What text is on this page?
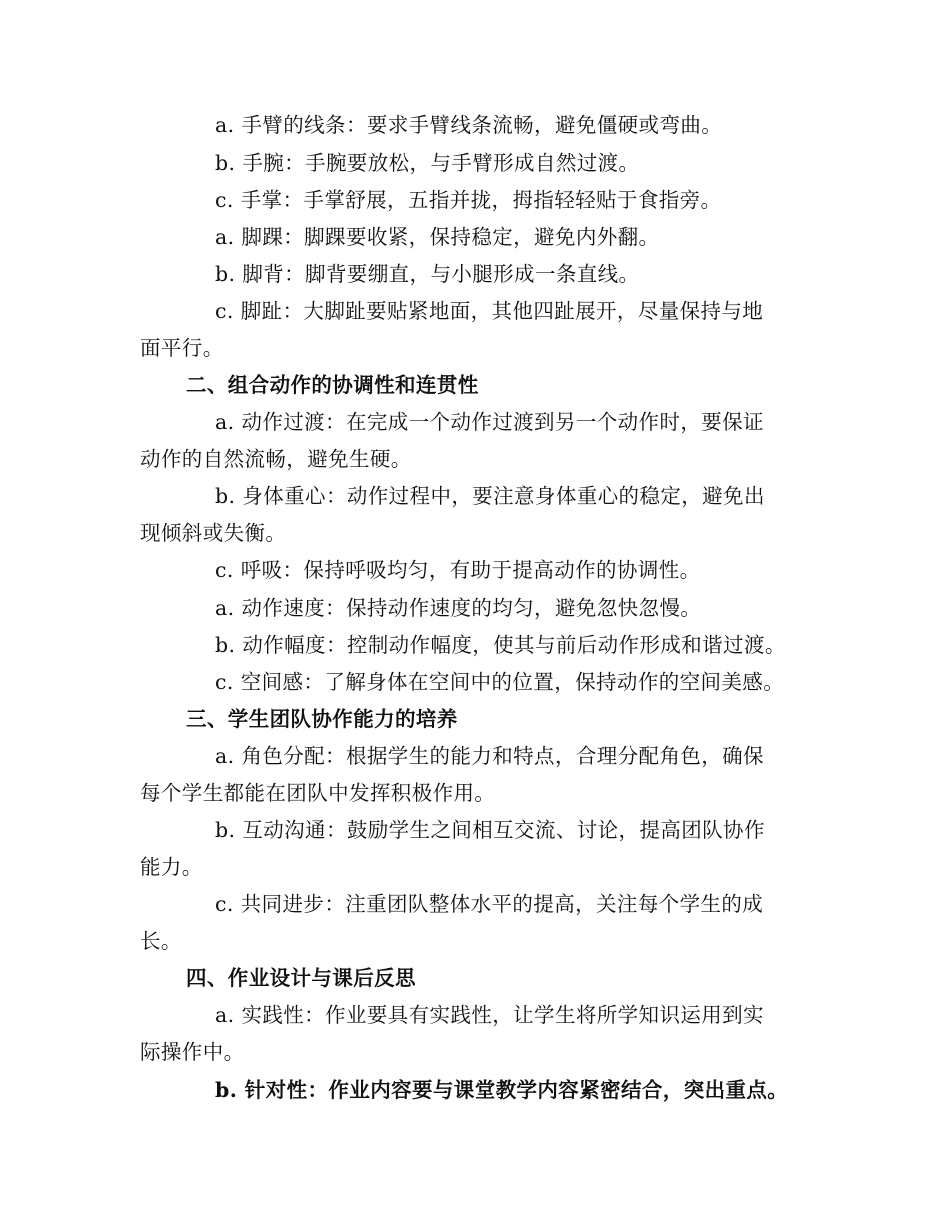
a. 手臂的线条：要求手臂线条流畅，避免僵硬或弯曲。
b. 手腕：手腕要放松，与手臂形成自然过渡。
c. 手掌：手掌舒展，五指并拢，拇指轻轻贴于食指旁。
a. 脚踝：脚踝要收紧，保持稳定，避免内外翻。
b. 脚背：脚背要绷直，与小腿形成一条直线。
c. 脚趾：大脚趾要贴紧地面，其他四趾展开，尽量保持与地
面平行。
二、组合动作的协调性和连贯性
a. 动作过渡：在完成一个动作过渡到另一个动作时，要保证
动作的自然流畅，避免生硬。
b. 身体重心：动作过程中，要注意身体重心的稳定，避免出
现倾斜或失衡。
c. 呼吸：保持呼吸均匀，有助于提高动作的协调性。
a. 动作速度：保持动作速度的均匀，避免忽快忽慢。
b. 动作幅度：控制动作幅度，使其与前后动作形成和谐过渡。
c. 空间感：了解身体在空间中的位置，保持动作的空间美感。
三、学生团队协作能力的培养
a. 角色分配：根据学生的能力和特点，合理分配角色，确保
每个学生都能在团队中发挥积极作用。
b. 互动沟通：鼓励学生之间相互交流、讨论，提高团队协作
能力。
c. 共同进步：注重团队整体水平的提高，关注每个学生的成
长。
四、作业设计与课后反思
a. 实践性：作业要具有实践性，让学生将所学知识运用到实
际操作中。
b. 针对性：作业内容要与课堂教学内容紧密结合，突出重点。
